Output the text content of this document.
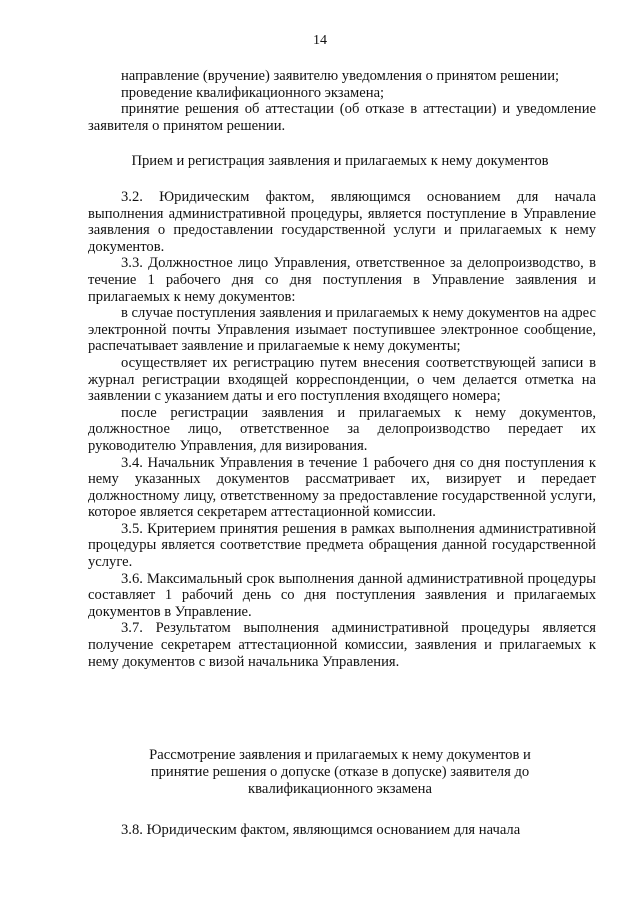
14

направление (вручение) заявителю уведомления о принятом решении;

проведение квалификационного экзамена;

принятие решения об аттестации (об отказе в аттестации) и уведомление заявителя о принятом решении.

Прием и регистрация заявления и прилагаемых к нему документов

3.2. Юридическим фактом, являющимся основанием для начала выполнения административной процедуры, является поступление в Управление заявления о предоставлении государственной услуги и прилагаемых к нему документов.

3.3. Должностное лицо Управления, ответственное за делопроизводство, в течение 1 рабочего дня со дня поступления в Управление заявления и прилагаемых к нему документов:

в случае поступления заявления и прилагаемых к нему документов на адрес электронной почты Управления изымает поступившее электронное сообщение, распечатывает заявление и прилагаемые к нему документы;

осуществляет их регистрацию путем внесения соответствующей записи в журнал регистрации входящей корреспонденции, о чем делается отметка на заявлении с указанием даты и его поступления входящего номера;

после регистрации заявления и прилагаемых к нему документов, должностное лицо, ответственное за делопроизводство передает их руководителю Управления, для визирования.

3.4. Начальник Управления в течение 1 рабочего дня со дня поступления к нему указанных документов рассматривает их, визирует и передает должностному лицу, ответственному за предоставление государственной услуги, которое является секретарем аттестационной комиссии.

3.5. Критерием принятия решения в рамках выполнения административной процедуры является соответствие предмета обращения данной государственной услуге.

3.6. Максимальный срок выполнения данной административной процедуры составляет 1 рабочий день со дня поступления заявления и прилагаемых документов в Управление.

3.7. Результатом выполнения административной процедуры является получение секретарем аттестационной комиссии, заявления и прилагаемых к нему документов с визой начальника Управления.

Рассмотрение заявления и прилагаемых к нему документов и
принятие решения о допуске (отказе в допуске) заявителя до
квалификационного экзамена

3.8. Юридическим фактом, являющимся основанием для начала
